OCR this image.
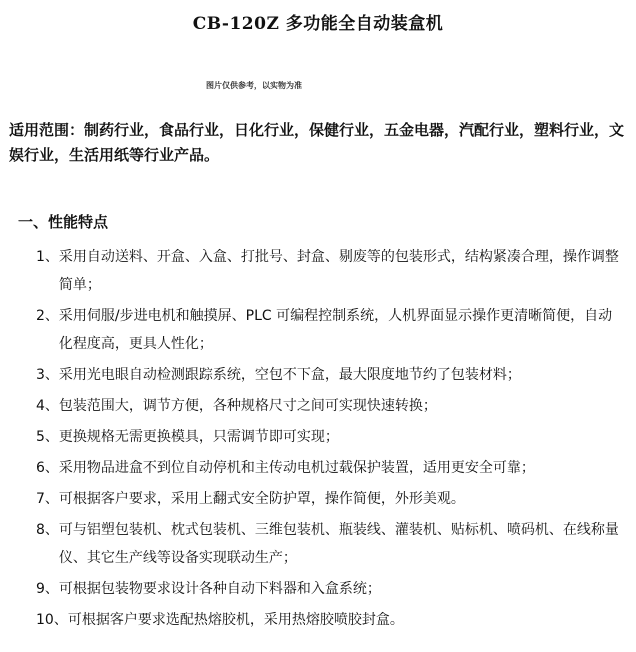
CB-120Z 多功能全自动装盒机
图片仅供参考，以实物为准
适用范围：制药行业，食品行业，日化行业，保健行业，五金电器，汽配行业，塑料行业，文娱行业，生活用纸等行业产品。
一、性能特点
1、 采用自动送料、开盒、入盒、打批号、封盒、剔废等的包装形式，结构紧凑合理，操作调整简单；
2、 采用伺服/步进电机和触摸屏、PLC 可编程控制系统，人机界面显示操作更清晰简便，自动化程度高，更具人性化；
3、 采用光电眼自动检测跟踪系统，空包不下盒，最大限度地节约了包装材料；
4、 包装范围大，调节方便，各种规格尺寸之间可实现快速转换；
5、 更换规格无需更换模具，只需调节即可实现；
6、 采用物品进盒不到位自动停机和主传动电机过载保护装置，适用更安全可靠；
7、 可根据客户要求，采用上翻式安全防护罩，操作简便，外形美观。
8、 可与铝塑包装机、枕式包装机、三维包装机、瓶装线、灌装机、贴标机、喷码机、在线称量仪、其它生产线等设备实现联动生产；
9、 可根据包装物要求设计各种自动下料器和入盒系统；
10、 可根据客户要求选配热熔胶机，采用热熔胶喷胶封盒。
